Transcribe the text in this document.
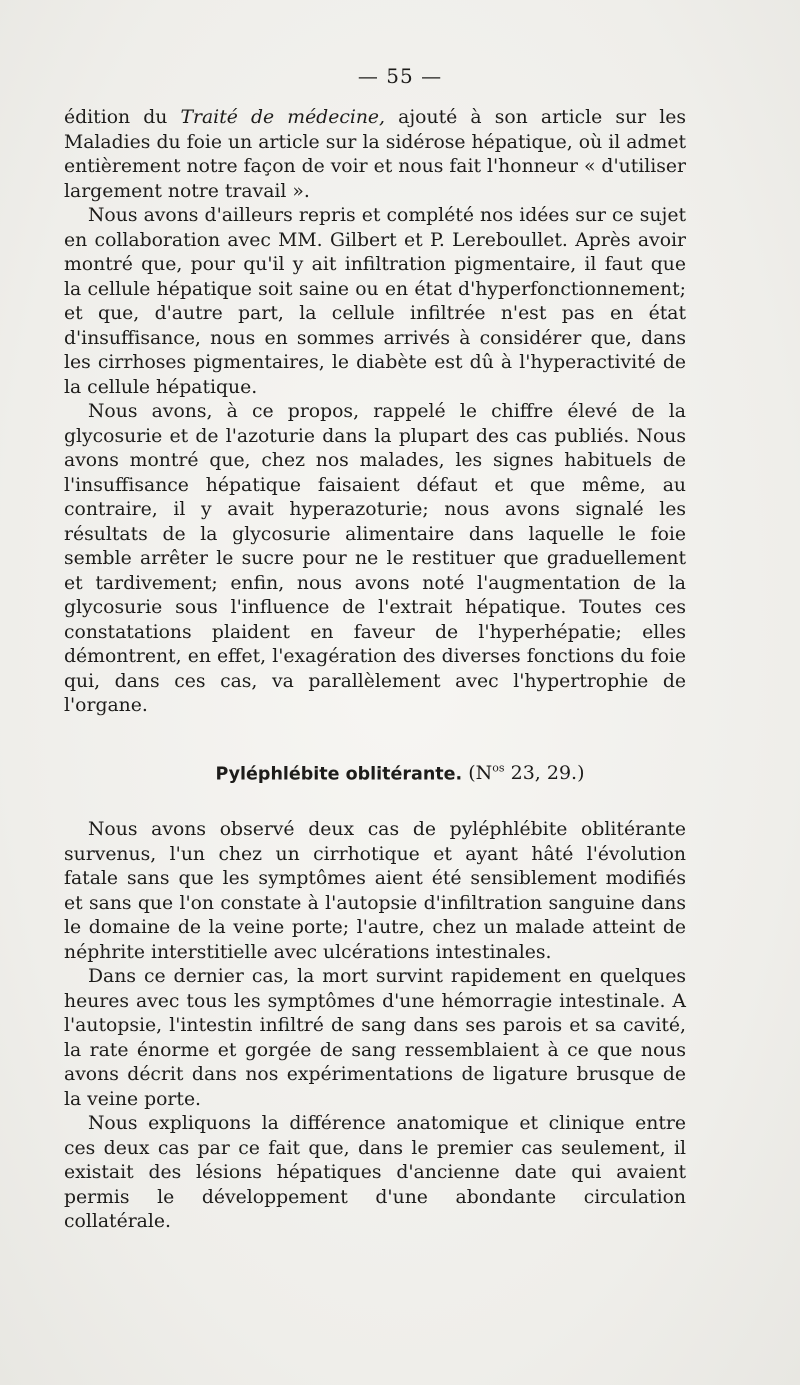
— 55 —

édition du Traité de médecine, ajouté à son article sur les Maladies du foie un article sur la sidérose hépatique, où il admet entièrement notre façon de voir et nous fait l'honneur « d'utiliser largement notre travail ».

Nous avons d'ailleurs repris et complété nos idées sur ce sujet en collaboration avec MM. Gilbert et P. Lereboullet. Après avoir montré que, pour qu'il y ait infiltration pigmentaire, il faut que la cellule hépatique soit saine ou en état d'hyperfonctionnement; et que, d'autre part, la cellule infiltrée n'est pas en état d'insuffisance, nous en sommes arrivés à considérer que, dans les cirrhoses pigmentaires, le diabète est dû à l'hyperactivité de la cellule hépatique.

Nous avons, à ce propos, rappelé le chiffre élevé de la glycosurie et de l'azoturie dans la plupart des cas publiés. Nous avons montré que, chez nos malades, les signes habituels de l'insuffisance hépatique faisaient défaut et que même, au contraire, il y avait hyperazoturie; nous avons signalé les résultats de la glycosurie alimentaire dans laquelle le foie semble arrêter le sucre pour ne le restituer que graduellement et tardivement; enfin, nous avons noté l'augmentation de la glycosurie sous l'influence de l'extrait hépatique. Toutes ces constatations plaident en faveur de l'hyperhépatie; elles démontrent, en effet, l'exagération des diverses fonctions du foie qui, dans ces cas, va parallèlement avec l'hypertrophie de l'organe.

Pyléphlébite oblitérante. ($N^{os}$ 23, 29.)

Nous avons observé deux cas de pyléphlébite oblitérante survenus, l'un chez un cirrhotique et ayant hâté l'évolution fatale sans que les symptômes aient été sensiblement modifiés et sans que l'on constate à l'autopsie d'infiltration sanguine dans le domaine de la veine porte; l'autre, chez un malade atteint de néphrite interstitielle avec ulcérations intestinales.

Dans ce dernier cas, la mort survint rapidement en quelques heures avec tous les symptômes d'une hémorragie intestinale. A l'autopsie, l'intestin infiltré de sang dans ses parois et sa cavité, la rate énorme et gorgée de sang ressemblaient à ce que nous avons décrit dans nos expérimentations de ligature brusque de la veine porte.

Nous expliquons la différence anatomique et clinique entre ces deux cas par ce fait que, dans le premier cas seulement, il existait des lésions hépatiques d'ancienne date qui avaient permis le développement d'une abondante circulation collatérale.
